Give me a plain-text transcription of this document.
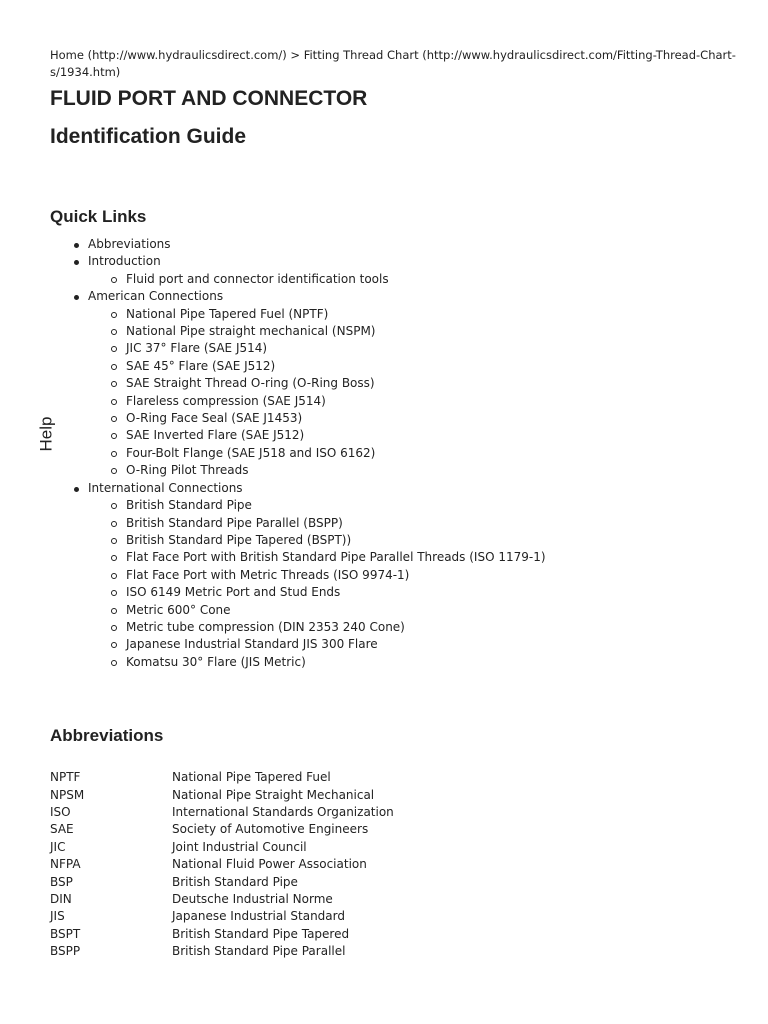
Help

Home (http://www.hydraulicsdirect.com/) > Fitting Thread Chart (http://www.hydraulicsdirect.com/Fitting-Thread-Chart-s/1934.htm)

FLUID PORT AND CONNECTOR
Identification Guide
Quick Links
Abbreviations
Introduction
Fluid port and connector identification tools
American Connections
National Pipe Tapered Fuel (NPTF)
National Pipe straight mechanical (NSPM)
JIC 37° Flare (SAE J514)
SAE 45° Flare (SAE J512)
SAE Straight Thread O-ring (O-Ring Boss)
Flareless compression (SAE J514)
O-Ring Face Seal (SAE J1453)
SAE Inverted Flare (SAE J512)
Four-Bolt Flange (SAE J518 and ISO 6162)
O-Ring Pilot Threads
International Connections
British Standard Pipe
British Standard Pipe Parallel (BSPP)
British Standard Pipe Tapered (BSPT))
Flat Face Port with British Standard Pipe Parallel Threads (ISO 1179-1)
Flat Face Port with Metric Threads (ISO 9974-1)
ISO 6149 Metric Port and Stud Ends
Metric 600° Cone
Metric tube compression (DIN 2353 240 Cone)
Japanese Industrial Standard JIS 300 Flare
Komatsu 30° Flare (JIS Metric)
Abbreviations
NPTF	National Pipe Tapered Fuel
NPSM	National Pipe Straight Mechanical
ISO	International Standards Organization
SAE	Society of Automotive Engineers
JIC	Joint Industrial Council
NFPA	National Fluid Power Association
BSP	British Standard Pipe
DIN	Deutsche Industrial Norme
JIS	Japanese Industrial Standard
BSPT	British Standard Pipe Tapered
BSPP	British Standard Pipe Parallel
